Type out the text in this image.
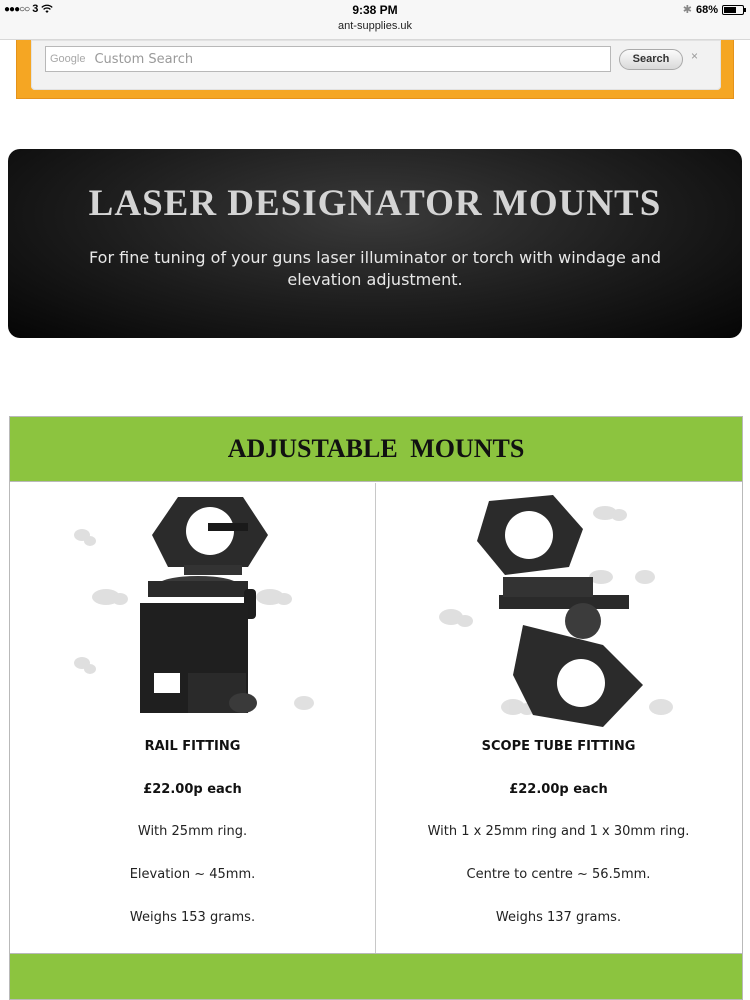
●●●○○ 3	9:38 PM
ant-supplies.uk
✱ 68%
Google Custom Search	Search	×
LASER DESIGNATOR MOUNTS
For fine tuning of your guns laser illuminator or torch with windage and elevation adjustment.
ADJUSTABLE MOUNTS
RAIL FITTING
£22.00p each
With 25mm ring.
Elevation ~ 45mm.
Weighs 153 grams.
SCOPE TUBE FITTING
£22.00p each
With 1 x 25mm ring and 1 x 30mm ring.
Centre to centre ~ 56.5mm.
Weighs 137 grams.
